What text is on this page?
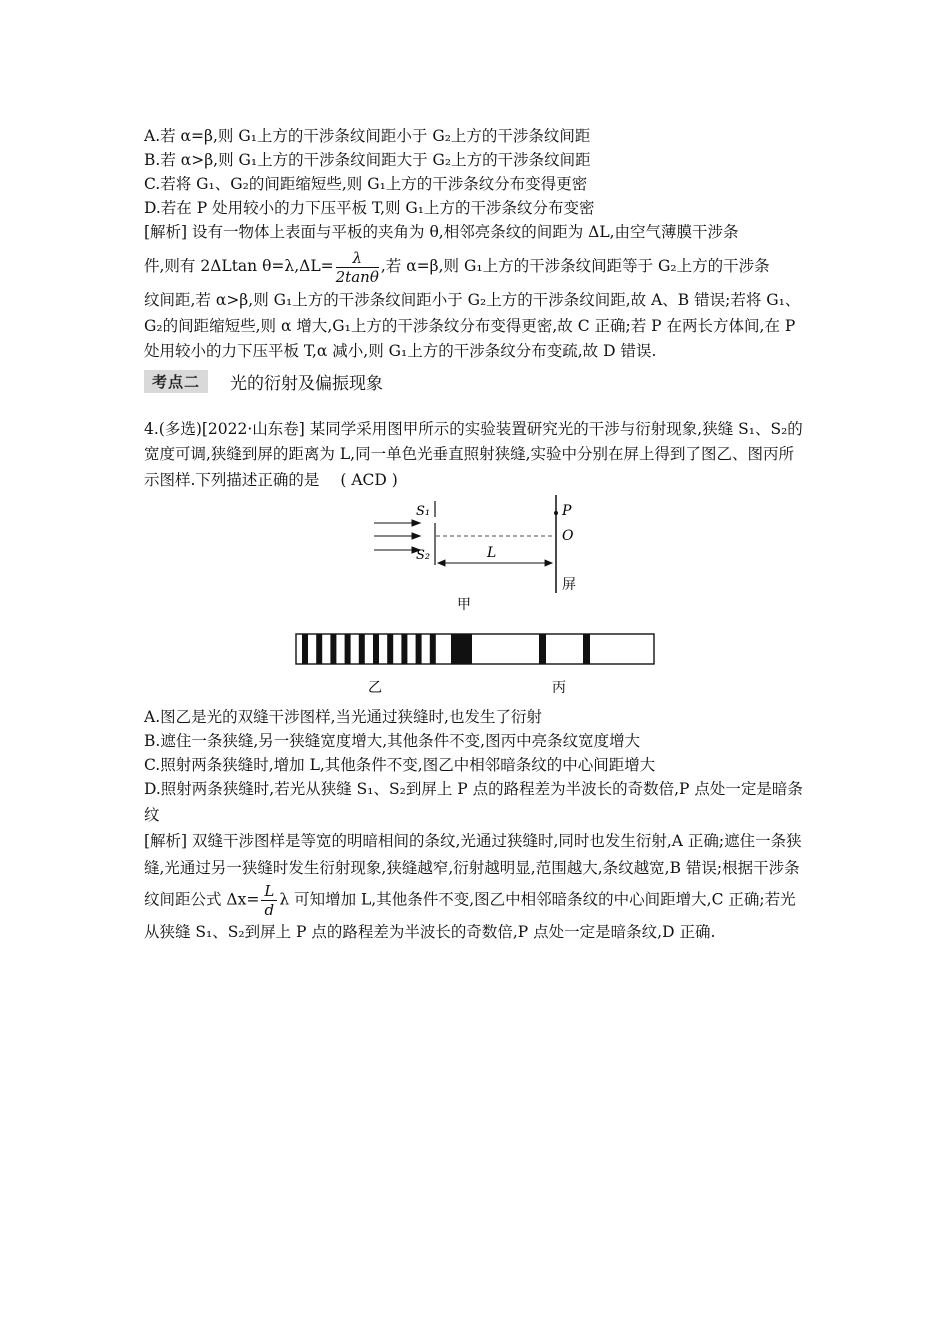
A.若 α=β,则 G₁上方的干涉条纹间距小于 G₂上方的干涉条纹间距
B.若 α>β,则 G₁上方的干涉条纹间距大于 G₂上方的干涉条纹间距
C.若将 G₁、G₂的间距缩短些,则 G₁上方的干涉条纹分布变得更密
D.若在 P 处用较小的力下压平板 T,则 G₁上方的干涉条纹分布变密
[解析] 设有一物体上表面与平板的夹角为 θ,相邻亮条纹的间距为 ΔL,由空气薄膜干涉条
件,则有 2ΔLtan $\theta=\lambda,\Delta L= \frac{\lambda}{2\tan\theta}$ ,若 α=β,则 G₁上方的干涉条纹间距等于 G₂上方的干涉条
纹间距,若 α>β,则 G₁上方的干涉条纹间距小于 G₂上方的干涉条纹间距,故 A、B 错误;若将 G₁、G₂的间距缩短些,则 α 增大,G₁上方的干涉条纹分布变得更密,故 C 正确;若 P 在两长方体间,在 P 处用较小的力下压平板 T,α 减小,则 G₁上方的干涉条纹分布变疏,故 D 错误.
考点二	光的衍射及偏振现象
4.(多选)[2022·山东卷] 某同学采用图甲所示的实验装置研究光的干涉与衍射现象,狭缝 S₁、S₂的宽度可调,狭缝到屏的距离为 L,同一单色光垂直照射狭缝,实验中分别在屏上得到了图乙、图丙所示图样.下列描述正确的是 ( ACD )
S₁
S₂
P
O
屏
L
甲
乙	丙
A.图乙是光的双缝干涉图样,当光通过狭缝时,也发生了衍射
B.遮住一条狭缝,另一狭缝宽度增大,其他条件不变,图丙中亮条纹宽度增大
C.照射两条狭缝时,增加 L,其他条件不变,图乙中相邻暗条纹的中心间距增大
D.照射两条狭缝时,若光从狭缝 S₁、S₂到屏上 P 点的路程差为半波长的奇数倍,P 点处一定是暗条纹
[解析] 双缝干涉图样是等宽的明暗相间的条纹,光通过狭缝时,同时也发生衍射,A 正确;遮住一条狭缝,光通过另一狭缝时发生衍射现象,狭缝越窄,衍射越明显,范围越大,条纹越宽,B 错误;根据干涉条纹间距公式 $\Delta x= \frac{L}{d}$ λ 可知增加 L,其他条件不变,图乙中相邻暗条纹的中心间距增大,C 正确;若光从狭缝 S₁、S₂到屏上 P 点的路程差为半波长的奇数倍,P 点处一定是暗条纹,D 正确.
